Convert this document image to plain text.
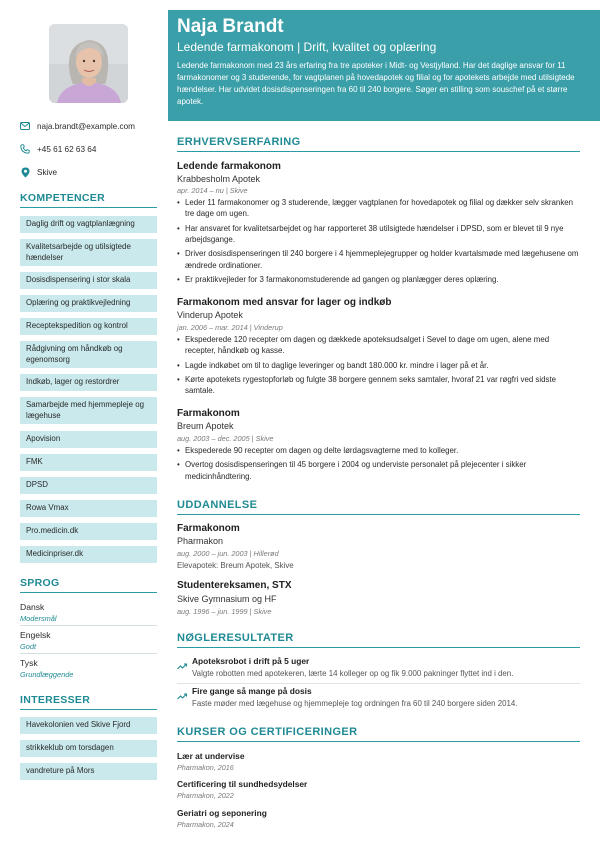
naja.brandt@example.com
+45 61 62 63 64
Skive
KOMPETENCER
Daglig drift og vagtplanlægning
Kvalitetsarbejde og utilsigtede hændelser
Dosisdispensering i stor skala
Oplæring og praktikvejledning
Receptekspedition og kontrol
Rådgivning om håndkøb og egenomsorg
Indkøb, lager og restordrer
Samarbejde med hjemmepleje og lægehuse
Apovision
FMK
DPSD
Rowa Vmax
Pro.medicin.dk
Medicinpriser.dk
SPROG
Dansk
Modersmål
Engelsk
Godt
Tysk
Grundlæggende
INTERESSER
Havekolonien ved Skive Fjord
strikkeklub om torsdagen
vandreture på Mors
Naja Brandt
Ledende farmakonom | Drift, kvalitet og oplæring
Ledende farmakonom med 23 års erfaring fra tre apoteker i Midt- og Vestjylland. Har det daglige ansvar for 11 farmakonomer og 3 studerende, for vagtplanen på hovedapotek og filial og for apotekets arbejde med utilsigtede hændelser. Har udvidet dosisdispenseringen fra 60 til 240 borgere. Søger en stilling som souschef på et større apotek.
ERHVERVSERFARING
Ledende farmakonom
Krabbesholm Apotek
apr. 2014 – nu | Skive
• Leder 11 farmakonomer og 3 studerende, lægger vagtplanen for hovedapotek og filial og dækker selv skranken tre dage om ugen.
• Har ansvaret for kvalitetsarbejdet og har rapporteret 38 utilsigtede hændelser i DPSD, som er blevet til 9 nye arbejdsgange.
• Driver dosisdispenseringen til 240 borgere i 4 hjemmeplejegrupper og holder kvartalsmøde med lægehusene om ændrede ordinationer.
• Er praktikvejleder for 3 farmakonomstuderende ad gangen og planlægger deres oplæring.
Farmakonom med ansvar for lager og indkøb
Vinderup Apotek
jan. 2006 – mar. 2014 | Vinderup
• Ekspederede 120 recepter om dagen og dækkede apoteksudsalget i Sevel to dage om ugen, alene med recepter, håndkøb og kasse.
• Lagde indkøbet om til to daglige leveringer og bandt 180.000 kr. mindre i lager på et år.
• Kørte apotekets rygestopforløb og fulgte 38 borgere gennem seks samtaler, hvoraf 21 var røgfri ved sidste samtale.
Farmakonom
Breum Apotek
aug. 2003 – dec. 2005 | Skive
• Ekspederede 90 recepter om dagen og delte lørdagsvagterne med to kolleger.
• Overtog dosisdispenseringen til 45 borgere i 2004 og underviste personalet på plejecenter i sikker medicinhåndtering.
UDDANNELSE
Farmakonom
Pharmakon
aug. 2000 – jun. 2003 | Hillerød
Elevapotek: Breum Apotek, Skive
Studentereksamen, STX
Skive Gymnasium og HF
aug. 1996 – jun. 1999 | Skive
NØGLERESULTATER
Apoteksrobot i drift på 5 uger
Valgte robotten med apotekeren, lærte 14 kolleger op og fik 9.000 pakninger flyttet ind i den.
Fire gange så mange på dosis
Faste møder med lægehuse og hjemmepleje tog ordningen fra 60 til 240 borgere siden 2014.
KURSER OG CERTIFICERINGER
Lær at undervise
Pharmakon, 2016
Certificering til sundhedsydelser
Pharmakon, 2022
Geriatri og seponering
Pharmakon, 2024
